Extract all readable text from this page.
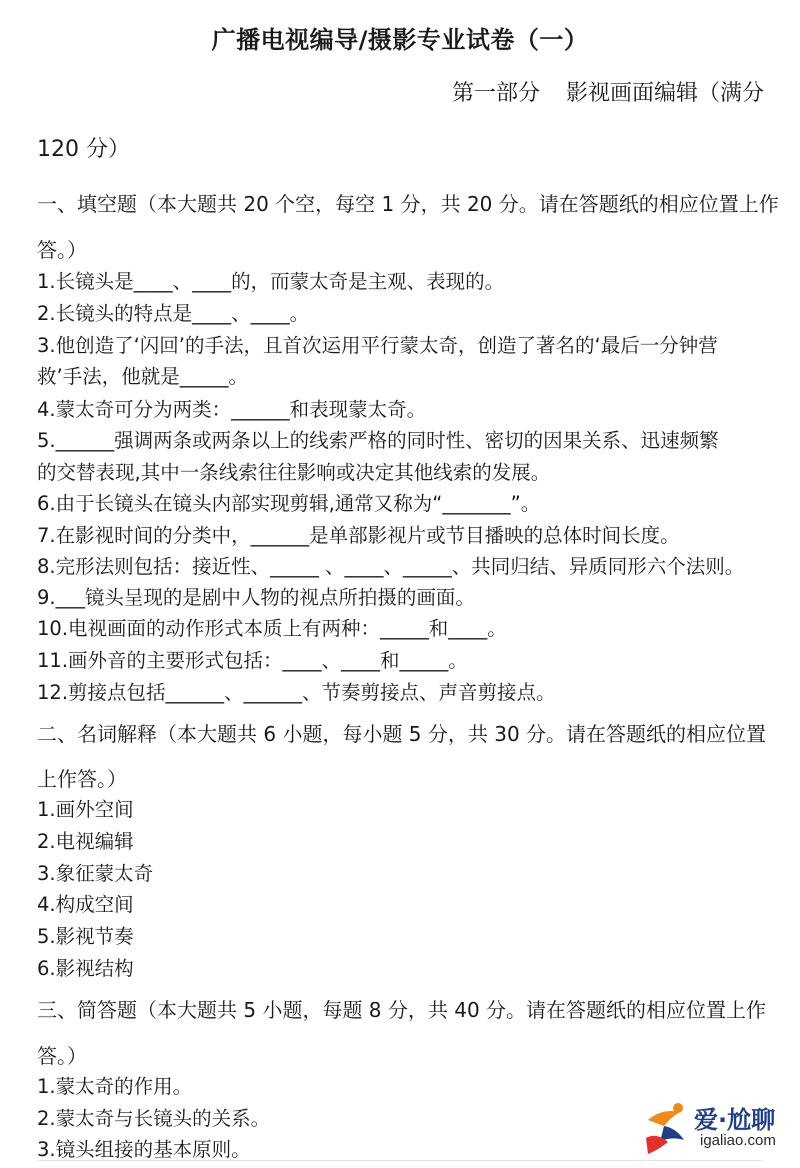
广播电视编导/摄影专业试卷（一）
第一部分 影视画面编辑（满分
120 分）
一、填空题（本大题共 20 个空，每空 1 分，共 20 分。请在答题纸的相应位置上作
答。）
1.长镜头是____、____的，而蒙太奇是主观、表现的。
2.长镜头的特点是____、____。
3.他创造了‘闪回’的手法，且首次运用平行蒙太奇，创造了著名的‘最后一分钟营
救’手法，他就是_____。
4.蒙太奇可分为两类：______和表现蒙太奇。
5.______强调两条或两条以上的线索严格的同时性、密切的因果关系、迅速频繁
的交替表现,其中一条线索往往影响或决定其他线索的发展。
6.由于长镜头在镜头内部实现剪辑,通常又称为“_______”。
7.在影视时间的分类中，______是单部影视片或节目播映的总体时间长度。
8.完形法则包括：接近性、_____ 、____、_____、共同归结、异质同形六个法则。
9.___镜头呈现的是剧中人物的视点所拍摄的画面。
10.电视画面的动作形式本质上有两种：_____和____。
11.画外音的主要形式包括：____、____和_____。
12.剪接点包括______、______、节奏剪接点、声音剪接点。
二、名词解释（本大题共 6 小题，每小题 5 分，共 30 分。请在答题纸的相应位置
上作答。）
1.画外空间
2.电视编辑
3.象征蒙太奇
4.构成空间
5.影视节奏
6.影视结构
三、简答题（本大题共 5 小题，每题 8 分，共 40 分。请在答题纸的相应位置上作
答。）
1.蒙太奇的作用。
2.蒙太奇与长镜头的关系。
3.镜头组接的基本原则。
爱·尬聊
igaliao.com
